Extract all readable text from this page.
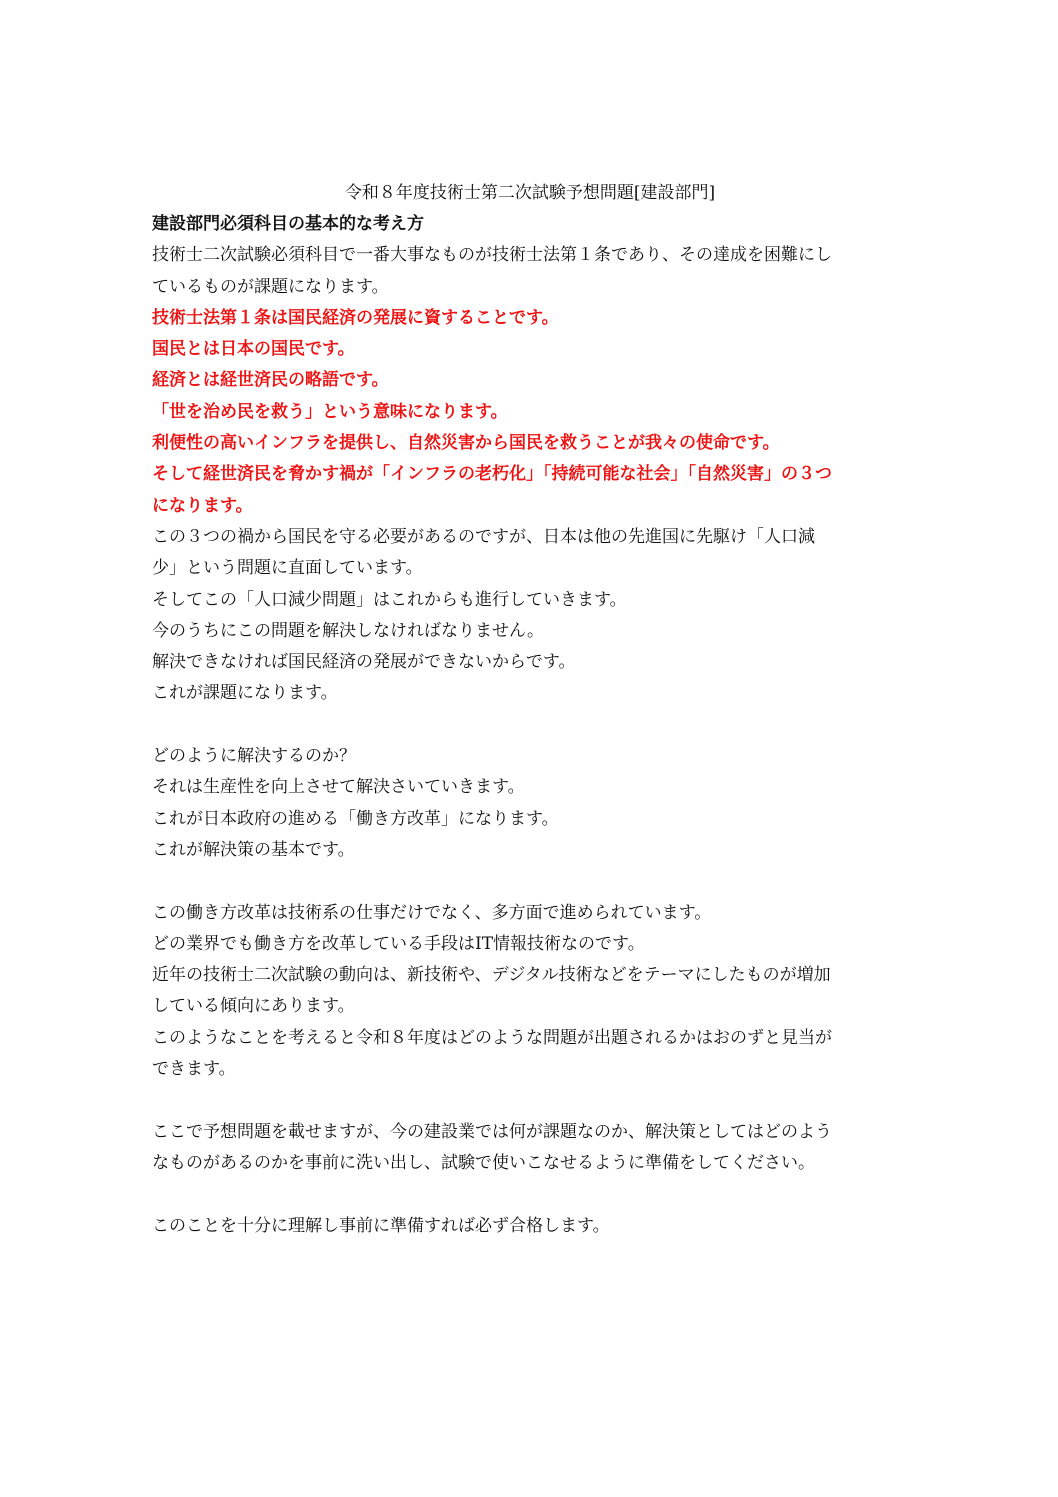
令和８年度技術士第二次試験予想問題[建設部門]
建設部門必須科目の基本的な考え方
技術士二次試験必須科目で一番大事なものが技術士法第１条であり、その達成を困難にし
ているものが課題になります。
技術士法第１条は国民経済の発展に資することです。
国民とは日本の国民です。
経済とは経世済民の略語です。
「世を治め民を救う」という意味になります。
利便性の高いインフラを提供し、自然災害から国民を救うことが我々の使命です。
そして経世済民を脅かす禍が「インフラの老朽化」「持続可能な社会」「自然災害」の３つ
になります。
この３つの禍から国民を守る必要があるのですが、日本は他の先進国に先駆け「人口減
少」という問題に直面しています。
そしてこの「人口減少問題」はこれからも進行していきます。
今のうちにこの問題を解決しなければなりません。
解決できなければ国民経済の発展ができないからです。
これが課題になります。
どのように解決するのか？
それは生産性を向上させて解決さいていきます。
これが日本政府の進める「働き方改革」になります。
これが解決策の基本です。
この働き方改革は技術系の仕事だけでなく、多方面で進められています。
どの業界でも働き方を改革している手段はIT情報技術なのです。
近年の技術士二次試験の動向は、新技術や、デジタル技術などをテーマにしたものが増加
している傾向にあります。
このようなことを考えると令和８年度はどのような問題が出題されるかはおのずと見当が
できます。
ここで予想問題を載せますが、今の建設業では何が課題なのか、解決策としてはどのよう
なものがあるのかを事前に洗い出し、試験で使いこなせるように準備をしてください。
このことを十分に理解し事前に準備すれば必ず合格します。
